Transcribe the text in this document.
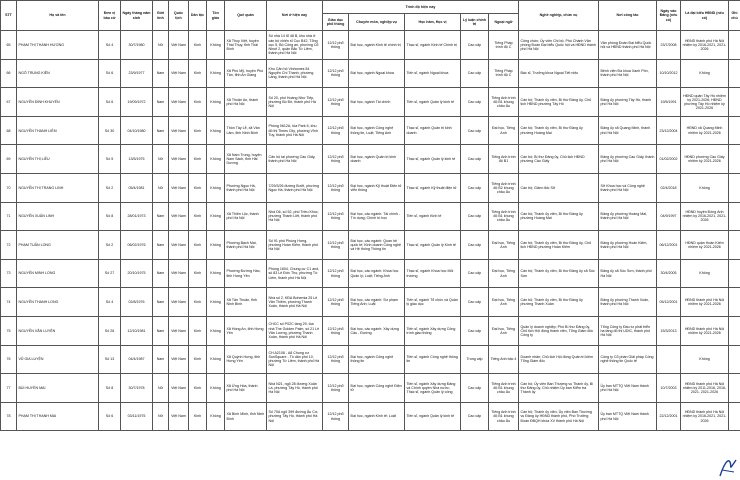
STT	Họ và tên	Đơn vị bầu cử	Ngày tháng năm sinh	Giới tính	Quốc tịch	Dân tộc	Tôn giáo	Quê quán	Nơi ở hiện nay	Trình độ hiện nay					Nghề nghiệp, chức vụ	Nơi công tác	Ngày vào Đảng (nếu có)	Là đại biểu HĐND (nếu có)	Ghi chú
										Giáo dục phổ thông	Chuyên môn, nghiệp vụ	Học hàm, Học vị	Lý luận chính trị	Ngoại ngữ					
65	PHẠM THỊ THANH HƯƠNG	Số 4	30/7/1980	Nữ	Việt Nam	Kinh	Không	Xã Thụy Việt, huyện Thái Thụy, tỉnh Thái Bình	Số nhà 14 tổ 48 B, khu nhà ở cán bộ chiến sĩ Cục B42, Tổng cục 5, Bộ Công an, phường Cổ Nhuế 2, quận Bắc Từ Liêm, thành phố Hà Nội	12/12 phổ thông	Đại học, ngành Kinh tế chính trị	Thạc sĩ, ngành Kinh tế Chính trị	Cao cấp	Tiếng Pháp trình độ C	Công chức; Ủy viên Chi bộ, Phó Chánh Văn phòng Đoàn Đại biểu Quốc hội và HĐND thành phố Hà Nội	Văn phòng Đoàn Đại biểu Quốc hội và HĐND thành phố Hà Nội	23/7/2008	HĐND thành phố Hà Nội nhiệm kỳ 2016-2021, 2021-2026	
66	NGÔ TRUNG KIÊN	Số 6	23/9/1977	Nam	Việt Nam	Kinh	Không	Xã Phú Mỹ, huyện Phú Tân, tỉnh An Giang	Khu Căn hộ Vinhomes 54 Nguyễn Chí Thanh, phường Láng, thành phố Hà Nội	12/12 phổ thông	Đại học, ngành Ngoại khoa	Tiến sĩ, ngành Ngoại khoa	Cao cấp	Tiếng Pháp trình độ C	Bác sĩ, Trưởng khoa Ngoại Tiết niệu	Bệnh viện Đa khoa Xanh Pôn, thành phố Hà Nội	10/10/2012	Không	
67	NGUYỄN ĐÌNH KHUYẾN	Số 6	19/09/1972	Nam	Việt Nam	Kinh	Không	Xã Thuận An, thành phố Hà Nội	Số 20, phố Hoàng Như Tiếp, phường Bồ Đề, thành phố Hà Nội	12/12 phổ thông	Đại học, ngành Tài chính	Tiến sĩ, ngành Quản lý kinh tế	Cao cấp	Tiếng Anh trình độ B1 khung châu Âu	Cán bộ; Thành ủy viên, Bí thư Đảng ủy, Chủ tịch HĐND phường Tây Hồ	Đảng ủy phường Tây Hồ, thành phố Hà Nội	19/5/1991	HĐND quận Tây Hồ nhiệm kỳ 2021-2026; HĐND phường Tây Hồ nhiệm kỳ 2021-2026	
68	NGUYỄN THANH LIÊM	Số 30	04/10/1980	Nam	Việt Nam	Kinh	Không	Thôn Tây Lễ, xã Vân Lâm, tỉnh Ninh Bình	Phòng 0612A, tòa Park 6, khu đô thị Times City, phường Vĩnh Tuy, thành phố Hà Nội	12/12 phổ thông	Đại học, ngành Công nghệ thông tin, Luật; Tiếng Anh	Thạc sĩ, ngành Quản trị kinh doanh	Cao cấp	Đại học, Tiếng Anh	Cán bộ; Thành ủy viên, Bí thư Đảng ủy phường Hoàng Mai	Đảng ủy xã Quang Minh, thành phố Hà Nội	23/12/2004	HĐND xã Quang Minh nhiệm kỳ 2021-2026	
69	NGUYỄN THỊ LIỄU	Số 5	13/5/1975	Nữ	Việt Nam	Kinh	Không	Xã Nam Trung, huyện Nam Sách, tỉnh Hải Dương	Căn hộ tại phường Cầu Giấy, thành phố Hà Nội	12/12 phổ thông	Đại học, ngành Quản trị kinh doanh	Thạc sĩ, ngành Quản lý kinh tế	Cao cấp	Tiếng Anh trình độ B1	Cán bộ; Bí thư Đảng ủy, Chủ tịch HĐND phường Cầu Giấy	Đảng ủy phường Cầu Giấy, thành phố Hà Nội	01/02/2002	HĐND phường Cầu Giấy nhiệm kỳ 2021-2026	
70	NGUYỄN THỊ TRANG LINH	Số 2	05/4/1981	Nữ	Việt Nam	Kinh	Không	Phường Ngọc Hà, thành phố Hà Nội	7/29/3/26 đường Bưởi, phường Ngọc Hà, thành phố Hà Nội	12/12 phổ thông	Đại học, ngành Kỹ thuật Điện tử viễn thông	Thạc sĩ, ngành Kỹ thuật điện tử	Cao cấp	Tiếng Anh trình độ B2 khung châu Âu	Cán bộ; Giám đốc Sở	Sở Khoa học và Công nghệ thành phố Hà Nội	02/4/2018	Không	
71	NGUYỄN XUÂN LINH	Số 8	28/01/1973	Nam	Việt Nam	Kinh	Không	Xã Thiên Lộc, thành phố Hà Nội	Nhà D6, số 52, phố Triều Khúc, phường Thanh Liệt, thành phố Hà Nội	12/12 phổ thông	Đại học, các ngành: Tài chính - Tín dụng; Chính trị học	Tiến sĩ, ngành Kinh tế	Cao cấp	Tiếng Anh trình độ B1 khung châu Âu	Cán bộ; Thành ủy viên, Bí thư Đảng ủy phường Hoàng Mai	Đảng ủy phường Hoàng Mai, thành phố Hà Nội	04/9/1997	HĐND huyện Đông Anh nhiệm kỳ 2016-2021, 2021-2026	
72	PHẠM TUẤN LONG	Số 2	06/02/1976	Nam	Việt Nam	Kinh	Không	Phường Bạch Mai, thành phố Hà Nội	Số 91 phố Phùng Hưng, phường Hoàn Kiếm, thành phố Hà Nội	12/12 phổ thông	Đại học, các ngành: Quan hệ quốc tế; Kinh doanh Công nghệ và Hệ thống Thông tin	Thạc sĩ, ngành Quản lý Kinh tế	Cao cấp	Đại học, Tiếng Anh	Cán bộ; Thành ủy viên, Bí thư Đảng ủy, Chủ tịch HĐND phường Hoàn Kiếm	Đảng ủy phường Hoàn Kiếm, thành phố Hà Nội	06/12/2001	HĐND quận Hoàn Kiếm nhiệm kỳ 2021-2026	
73	NGUYỄN MINH LONG	Số 27	20/10/1975	Nam	Việt Nam	Kinh	Không	Phường Đường Hào, tỉnh Hưng Yên	Phòng 1604, Chung cư C1 and, số 83 Lê Đức Thọ, phường Từ Liêm, thành phố Hà Nội	12/12 phổ thông	Đại học, các ngành: Khoa học Quản lý; Luật; Tiếng Anh	Thạc sĩ, ngành Khoa học Môi trường	Cao cấp	Đại học, Tiếng Anh	Cán bộ; Thành ủy viên, Bí thư Đảng ủy xã Sóc Sơn	Đảng ủy xã Sóc Sơn, thành phố Hà Nội	30/4/2005	Không	
74	NGUYỄN THANH LONG	Số 4	02/8/1976	Nam	Việt Nam	Kinh	Không	Xã Tân Thuận, tỉnh Ninh Bình	Nhà số 2, KĐA Bohemia 25 Lê Văn Thiêm, phường Thanh Xuân, thành phố Hà Nội	12/12 phổ thông	Đại học, các ngành: Sư phạm Tiếng Anh; Luật	Tiến sĩ, ngành Tổ chức và Quản lý giáo dục	Cao cấp	Đại học, Tiếng Anh	Cán bộ; Thành ủy viên, Bí thư Đảng ủy phường Thanh Xuân	Đảng ủy phường Thanh Xuân, thành phố Hà Nội	05/12/2001	HĐND thành phố Hà Nội nhiệm kỳ 2021-2026	
75	NGUYỄN VĂN LUYỆN	Số 26	12/10/1981	Nam	Việt Nam	Kinh	Không	Xã Hồng An, tỉnh Hưng Yên	CHCC số P02C tầng 29, tòa nhà The Golden Palm, số 21 Lê Văn Lương, phường Thanh Xuân, thành phố Hà Nội	12/12 phổ thông	Đại học, các ngành: Xây dựng Cầu - Đường	Tiến sĩ, ngành Xây dựng Công trình giao thông	Cao cấp	Đại học, Tiếng Anh	Quản lý doanh nghiệp; Phó Bí thư Đảng ủy, Chủ tịch Hội đồng thành viên, Tổng Giám đốc Công ty	Tổng Công ty Đầu tư phát triển hạ tầng đô thị UDIC, thành phố Hà Nội	15/3/2013	HĐND thành phố Hà Nội nhiệm kỳ 2021-2026	
76	VŨ GIA LUYỆN	Số 13	04/4/1987	Nam	Việt Nam	Kinh	Không	Xã Quỳnh Hưng, tỉnh Hưng Yên	CH A2108 - A8 Chung cư SunSquare - Tô dân phố 10, phường Từ Liêm, thành phố Hà Nội	12/12 phổ thông	Đại học, ngành Công nghệ thông tin	Tiến sĩ, ngành Công nghệ thông tin	Trung cấp	Tiếng Anh bậc 4	Doanh nhân; Chủ tịch Hội đồng Quản trị kiêm Tổng Giám đốc	Công ty Cổ phần Giải pháp Công nghệ thông tin Quốc tế		Không	
77	BÙI HUYỀN MAI	Số 8	30/7/1978	Nữ	Việt Nam	Kinh	Không	Xã Ứng Hòa, thành phố Hà Nội	Nhà N21, ngõ 28 đường Xuân La, phường Tây Hồ, thành phố Hà Nội	12/12 phổ thông	Đại học, ngành Công nghệ Điện tử	Tiến sĩ, ngành Xây dựng Đảng và Chính quyền Nhà nước; Thạc sĩ, ngành Quản lý công	Cao cấp	Tiếng Anh trình độ B1 khung châu Âu	Cán bộ; Ủy viên Ban Thường vụ Thành ủy, Bí thư Đảng ủy, Chủ nhiệm Ủy ban Kiểm tra Thành ủy	Ủy ban MTTQ Việt Nam thành phố Hà Nội	10/7/2003	HĐND thành phố Hà Nội nhiệm kỳ 2011-2016, 2016-2021, 2021-2026	
78	PHẠM THỊ THANH MAI	Số 6	03/11/1975	Nữ	Việt Nam	Kinh	Không	Xã Bình Minh, tỉnh Ninh Bình	Số 70A ngõ 399 đường Âu Cơ, phường Tây Hồ, thành phố Hà Nội	12/12 phổ thông	Đại học, ngành Kinh tế; Luật	Tiến sĩ, ngành Quản lý kinh tế	Cao cấp	Tiếng Anh trình độ B1 khung châu Âu	Cán bộ; Thành ủy viên, Ủy viên Ban Thường vụ Đảng ủy HĐND thành phố, Phó Trưởng Đoàn ĐBQH khóa XV thành phố Hà Nội	Ủy ban MTTQ Việt Nam thành phố Hà Nội	22/12/2001	HĐND thành phố Hà Nội nhiệm kỳ 2016-2021, 2021-2026	
